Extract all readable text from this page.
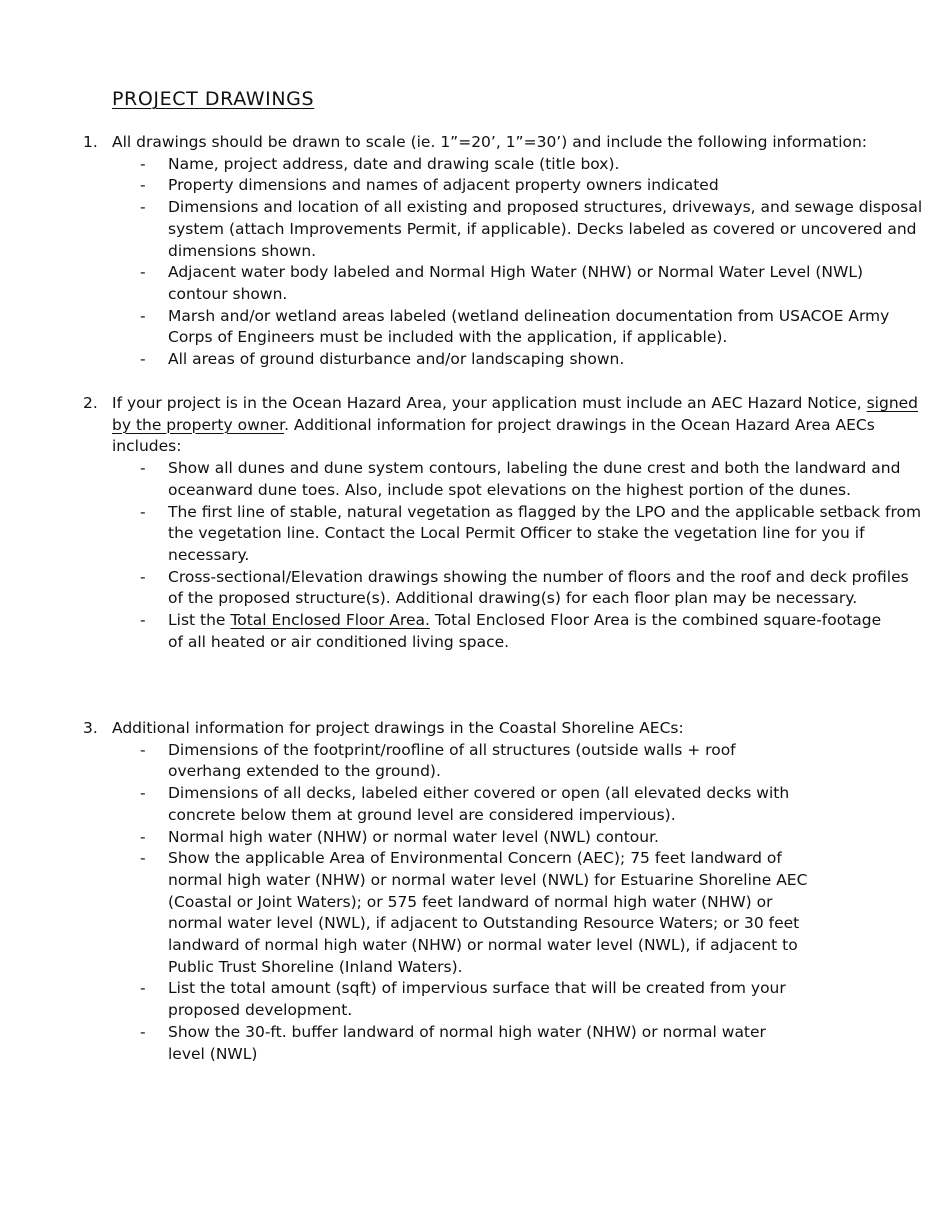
PROJECT DRAWINGS
1. All drawings should be drawn to scale (ie. 1”=20’, 1”=30’) and include the following information:
- Name, project address, date and drawing scale (title box).
- Property dimensions and names of adjacent property owners indicated
- Dimensions and location of all existing and proposed structures, driveways, and sewage disposal system (attach Improvements Permit, if applicable). Decks labeled as covered or uncovered and dimensions shown.
- Adjacent water body labeled and Normal High Water (NHW) or Normal Water Level (NWL) contour shown.
- Marsh and/or wetland areas labeled (wetland delineation documentation from USACOE Army Corps of Engineers must be included with the application, if applicable).
- All areas of ground disturbance and/or landscaping shown.
2. If your project is in the Ocean Hazard Area, your application must include an AEC Hazard Notice, signed by the property owner. Additional information for project drawings in the Ocean Hazard Area AECs includes:
- Show all dunes and dune system contours, labeling the dune crest and both the landward and oceanward dune toes. Also, include spot elevations on the highest portion of the dunes.
- The first line of stable, natural vegetation as flagged by the LPO and the applicable setback from the vegetation line. Contact the Local Permit Officer to stake the vegetation line for you if necessary.
- Cross-sectional/Elevation drawings showing the number of floors and the roof and deck profiles of the proposed structure(s). Additional drawing(s) for each floor plan may be necessary.
- List the Total Enclosed Floor Area. Total Enclosed Floor Area is the combined square-footage of all heated or air conditioned living space.
3. Additional information for project drawings in the Coastal Shoreline AECs:
- Dimensions of the footprint/roofline of all structures (outside walls + roof overhang extended to the ground).
- Dimensions of all decks, labeled either covered or open (all elevated decks with concrete below them at ground level are considered impervious).
- Normal high water (NHW) or normal water level (NWL) contour.
- Show the applicable Area of Environmental Concern (AEC); 75 feet landward of normal high water (NHW) or normal water level (NWL) for Estuarine Shoreline AEC (Coastal or Joint Waters); or 575 feet landward of normal high water (NHW) or normal water level (NWL), if adjacent to Outstanding Resource Waters; or 30 feet landward of normal high water (NHW) or normal water level (NWL), if adjacent to Public Trust Shoreline (Inland Waters).
- List the total amount (sqft) of impervious surface that will be created from your proposed development.
- Show the 30-ft. buffer landward of normal high water (NHW) or normal water level (NWL)
